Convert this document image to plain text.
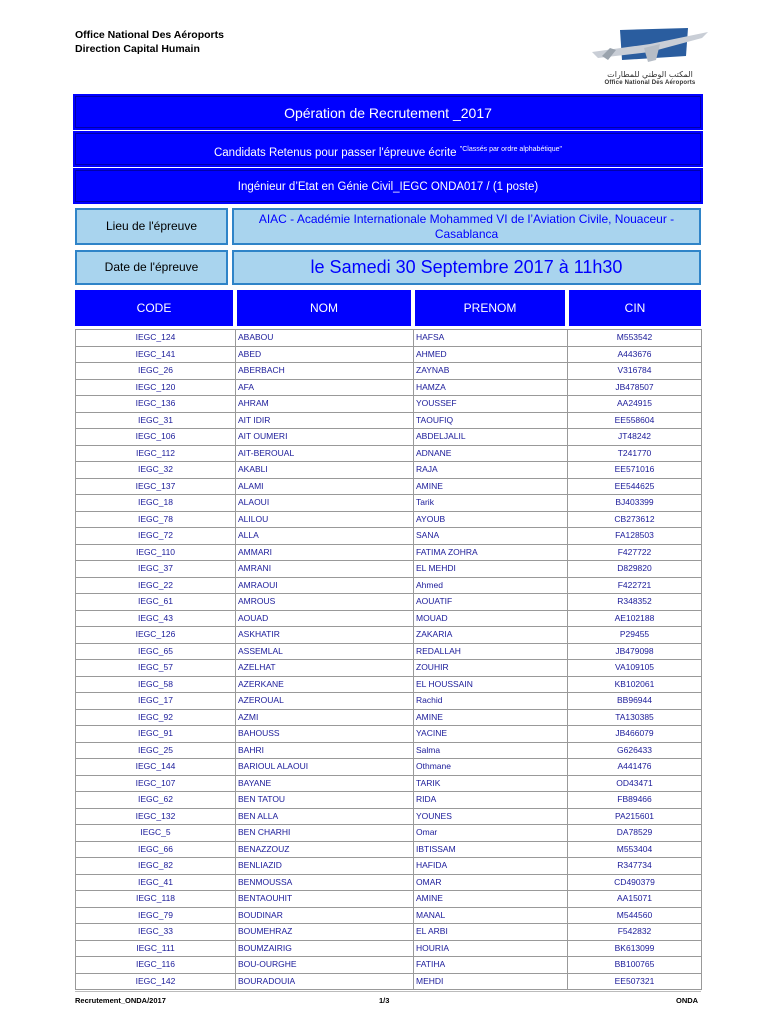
Office National Des Aéroports
Direction Capital Humain
المكتب الوطني للمطارات
Office National Des Aéroports
Opération de Recrutement _2017
Candidats Retenus pour passer l'épreuve écrite $^{"Classés par ordre alphabétique"}$
Ingénieur d’Etat en Génie Civil_IEGC ONDA017 / (1 poste)
Lieu de l'épreuve	AIAC - Académie Internationale Mohammed VI de l’Aviation Civile, Nouaceur - Casablanca
Date de l'épreuve	le Samedi 30 Septembre 2017 à 11h30
CODE	NOM	PRENOM	CIN
IEGC_124	ABABOU	HAFSA	M553542
IEGC_141	ABED	AHMED	A443676
IEGC_26	ABERBACH	ZAYNAB	V316784
IEGC_120	AFA	HAMZA	JB478507
IEGC_136	AHRAM	YOUSSEF	AA24915
IEGC_31	AIT IDIR	TAOUFIQ	EE558604
IEGC_106	AIT OUMERI	ABDELJALIL	JT48242
IEGC_112	AIT-BEROUAL	ADNANE	T241770
IEGC_32	AKABLI	RAJA	EE571016
IEGC_137	ALAMI	AMINE	EE544625
IEGC_18	ALAOUI	Tarik	BJ403399
IEGC_78	ALILOU	AYOUB	CB273612
IEGC_72	ALLA	SANA	FA128503
IEGC_110	AMMARI	FATIMA ZOHRA	F427722
IEGC_37	AMRANI	EL MEHDI	D829820
IEGC_22	AMRAOUI	Ahmed	F422721
IEGC_61	AMROUS	AOUATIF	R348352
IEGC_43	AOUAD	MOUAD	AE102188
IEGC_126	ASKHATIR	ZAKARIA	P29455
IEGC_65	ASSEMLAL	REDALLAH	JB479098
IEGC_57	AZELHAT	ZOUHIR	VA109105
IEGC_58	AZERKANE	EL HOUSSAIN	KB102061
IEGC_17	AZEROUAL	Rachid	BB96944
IEGC_92	AZMI	AMINE	TA130385
IEGC_91	BAHOUSS	YACINE	JB466079
IEGC_25	BAHRI	Salma	G626433
IEGC_144	BARIOUL ALAOUI	Othmane	A441476
IEGC_107	BAYANE	TARIK	OD43471
IEGC_62	BEN TATOU	RIDA	FB89466
IEGC_132	BEN ALLA	YOUNES	PA215601
IEGC_5	BEN CHARHI	Omar	DA78529
IEGC_66	BENAZZOUZ	IBTISSAM	M553404
IEGC_82	BENLIAZID	HAFIDA	R347734
IEGC_41	BENMOUSSA	OMAR	CD490379
IEGC_118	BENTAOUHIT	AMINE	AA15071
IEGC_79	BOUDINAR	MANAL	M544560
IEGC_33	BOUMEHRAZ	EL ARBI	F542832
IEGC_111	BOUMZAIRIG	HOURIA	BK613099
IEGC_116	BOU-OURGHE	FATIHA	BB100765
IEGC_142	BOURADOUIA	MEHDI	EE507321
Recrutement_ONDA/2017	1/3	ONDA
